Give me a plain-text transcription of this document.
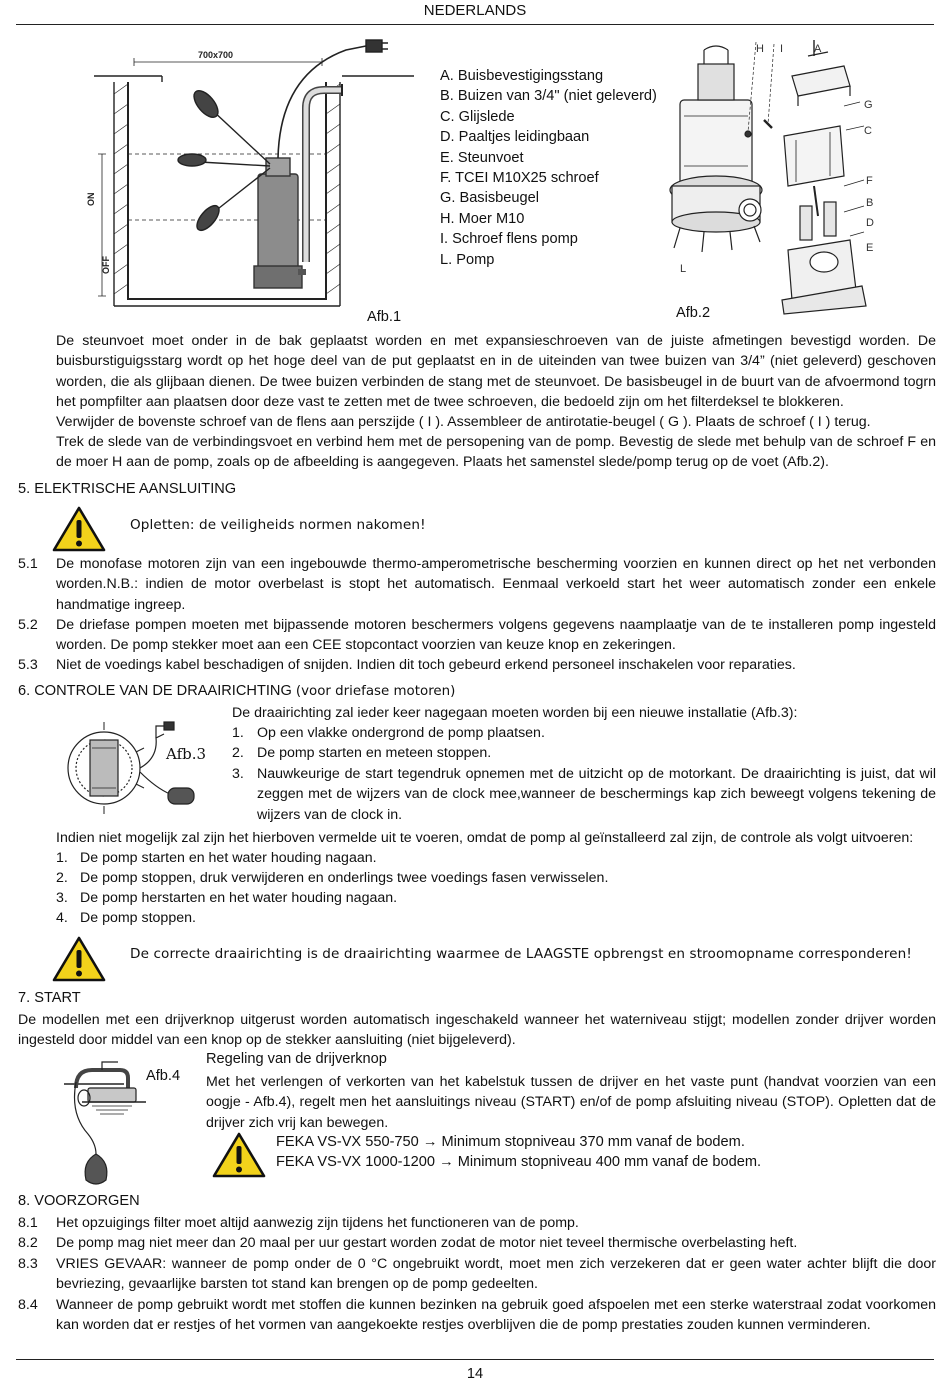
NEDERLANDS
700x700
ON
OFF
Afb.1
A. Buisbevestigingsstang
B. Buizen van 3/4" (niet geleverd)
C. Glijslede
D. Paaltjes leidingbaan
E. Steunvoet
F. TCEI M10X25 schroef
G. Basisbeugel
H. Moer M10
I. Schroef flens pomp
L. Pomp
H I	A
G
C
F
B
D
E
L
Afb.2
De steunvoet moet onder in de bak geplaatst worden en met expansieschroeven van de juiste afmetingen bevestigd worden. De buisburstiguigsstarg wordt op het hoge deel van de put geplaatst en in de uiteinden van twee buizen van 3/4” (niet geleverd) geschoven worden, die als glijbaan dienen. De twee buizen verbinden de stang met de steunvoet. De basisbeugel in de buurt van de afvoermond togrn het pompfilter aan plaatsen door deze vast te zetten met de twee schroeven, die bedoeld zijn om het filterdeksel te blokkeren.
Verwijder de bovenste schroef van de flens aan perszijde ( I ). Assembleer de antirotatie-beugel ( G ). Plaats de schroef ( I ) terug.
Trek de slede van de verbindingsvoet en verbind hem met de persopening van de pomp. Bevestig de slede met behulp van de schroef F en de moer H aan de pomp, zoals op de afbeelding is aangegeven. Plaats het samenstel slede/pomp terug op de voet (Afb.2).
5. ELEKTRISCHE AANSLUITING
Opletten: de veiligheids normen nakomen!
5.1 De monofase motoren zijn van een ingebouwde thermo-amperometrische bescherming voorzien en kunnen direct op het net verbonden worden.N.B.: indien de motor overbelast is stopt het automatisch. Eenmaal verkoeld start het weer automatisch zonder een enkele handmatige ingreep.
5.2 De driefase pompen moeten met bijpassende motoren beschermers volgens gegevens naamplaatje van de te installeren pomp ingesteld worden. De pomp stekker moet aan een CEE stopcontact voorzien van keuze knop en zekeringen.
5.3 Niet de voedings kabel beschadigen of snijden. Indien dit toch gebeurd erkend personeel inschakelen voor reparaties.
6. CONTROLE VAN DE DRAAIRICHTING (voor driefase motoren)
Afb.3
De draairichting zal ieder keer nagegaan moeten worden bij een nieuwe installatie (Afb.3):
1. Op een vlakke ondergrond de pomp plaatsen.
2. De pomp starten en meteen stoppen.
3. Nauwkeurige de start tegendruk opnemen met de uitzicht op de motorkant. De draairichting is juist, dat wil zeggen met de wijzers van de clock mee,wanneer de beschermings kap zich beweegt volgens tekening de wijzers van de clock in.
Indien niet mogelijk zal zijn het hierboven vermelde uit te voeren, omdat de pomp al geïnstalleerd zal zijn, de controle als volgt uitvoeren:
1. De pomp starten en het water houding nagaan.
2. De pomp stoppen, druk verwijderen en onderlings twee voedings fasen verwisselen.
3. De pomp herstarten en het water houding nagaan.
4. De pomp stoppen.
De correcte draairichting is de draairichting waarmee de LAAGSTE opbrengst en stroomopname corresponderen!
7. START
De modellen met een drijverknop uitgerust worden automatisch ingeschakeld wanneer het waterniveau stijgt; modellen zonder drijver worden ingesteld door middel van een knop op de stekker aansluiting (niet bijgeleverd).
Afb.4
Regeling van de drijverknop
Met het verlengen of verkorten van het kabelstuk tussen de drijver en het vaste punt (handvat voorzien van een oogje - Afb.4), regelt men het aansluitings niveau (START) en/of de pomp afsluiting niveau (STOP). Opletten dat de drijver zich vrij kan bewegen.
FEKA VS-VX 550-750 → Minimum stopniveau 370 mm vanaf de bodem.
FEKA VS-VX 1000-1200 → Minimum stopniveau 400 mm vanaf de bodem.
8. VOORZORGEN
8.1 Het opzuigings filter moet altijd aanwezig zijn tijdens het functioneren van de pomp.
8.2 De pomp mag niet meer dan 20 maal per uur gestart worden zodat de motor niet teveel thermische overbelasting heft.
8.3 VRIES GEVAAR: wanneer de pomp onder de 0 °C ongebruikt wordt, moet men zich verzekeren dat er geen water achter blijft die door bevriezing, gevaarlijke barsten tot stand kan brengen op de pomp gedeelten.
8.4 Wanneer de pomp gebruikt wordt met stoffen die kunnen bezinken na gebruik goed afspoelen met een sterke waterstraal zodat voorkomen kan worden dat er restjes of het vormen van aangekoekte restjes overblijven die de pomp prestaties zouden kunnen verminderen.
14
